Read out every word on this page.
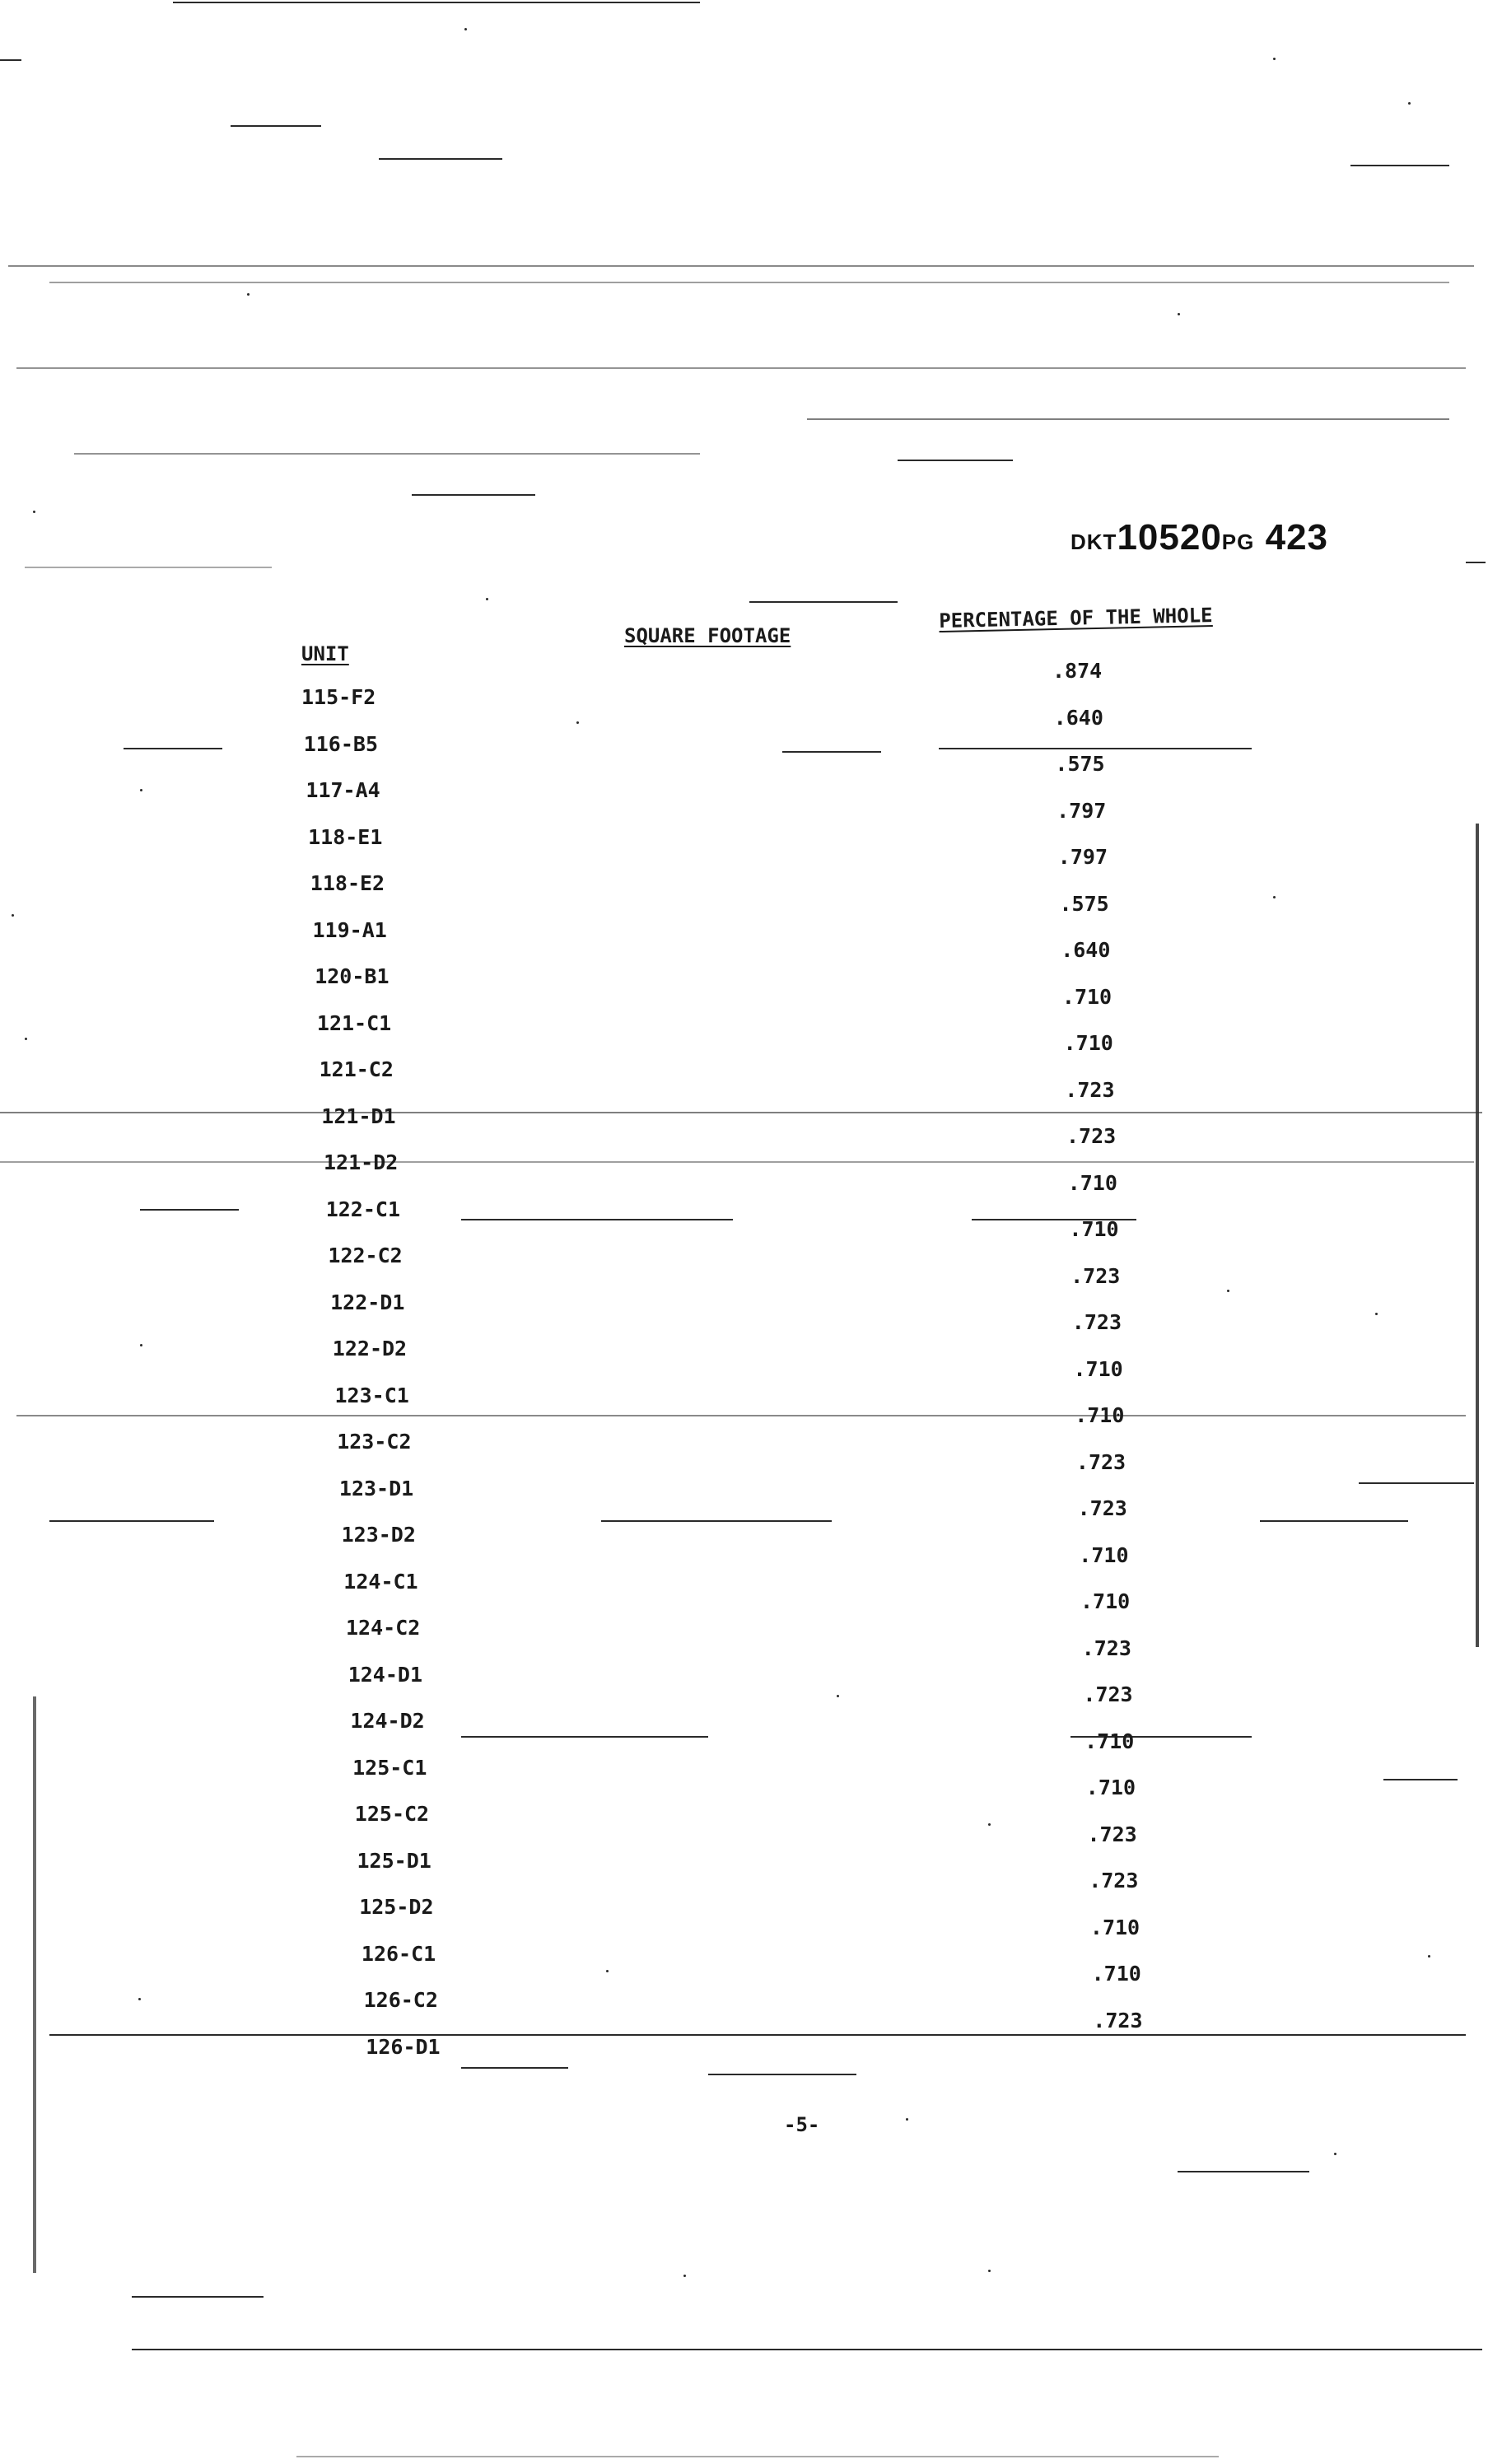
DKT10520PG 423
UNIT
SQUARE FOOTAGE
PERCENTAGE OF THE WHOLE
115-F2
116-B5
117-A4
118-E1
118-E2
119-A1
120-B1
121-C1
121-C2
121-D1
121-D2
122-C1
122-C2
122-D1
122-D2
123-C1
123-C2
123-D1
123-D2
124-C1
124-C2
124-D1
124-D2
125-C1
125-C2
125-D1
125-D2
126-C1
126-C2
126-D1
.874
.640
.575
.797
.797
.575
.640
.710
.710
.723
.723
.710
.710
.723
.723
.710
.710
.723
.723
.710
.710
.723
.723
.710
.710
.723
.723
.710
.710
.723
-5-
